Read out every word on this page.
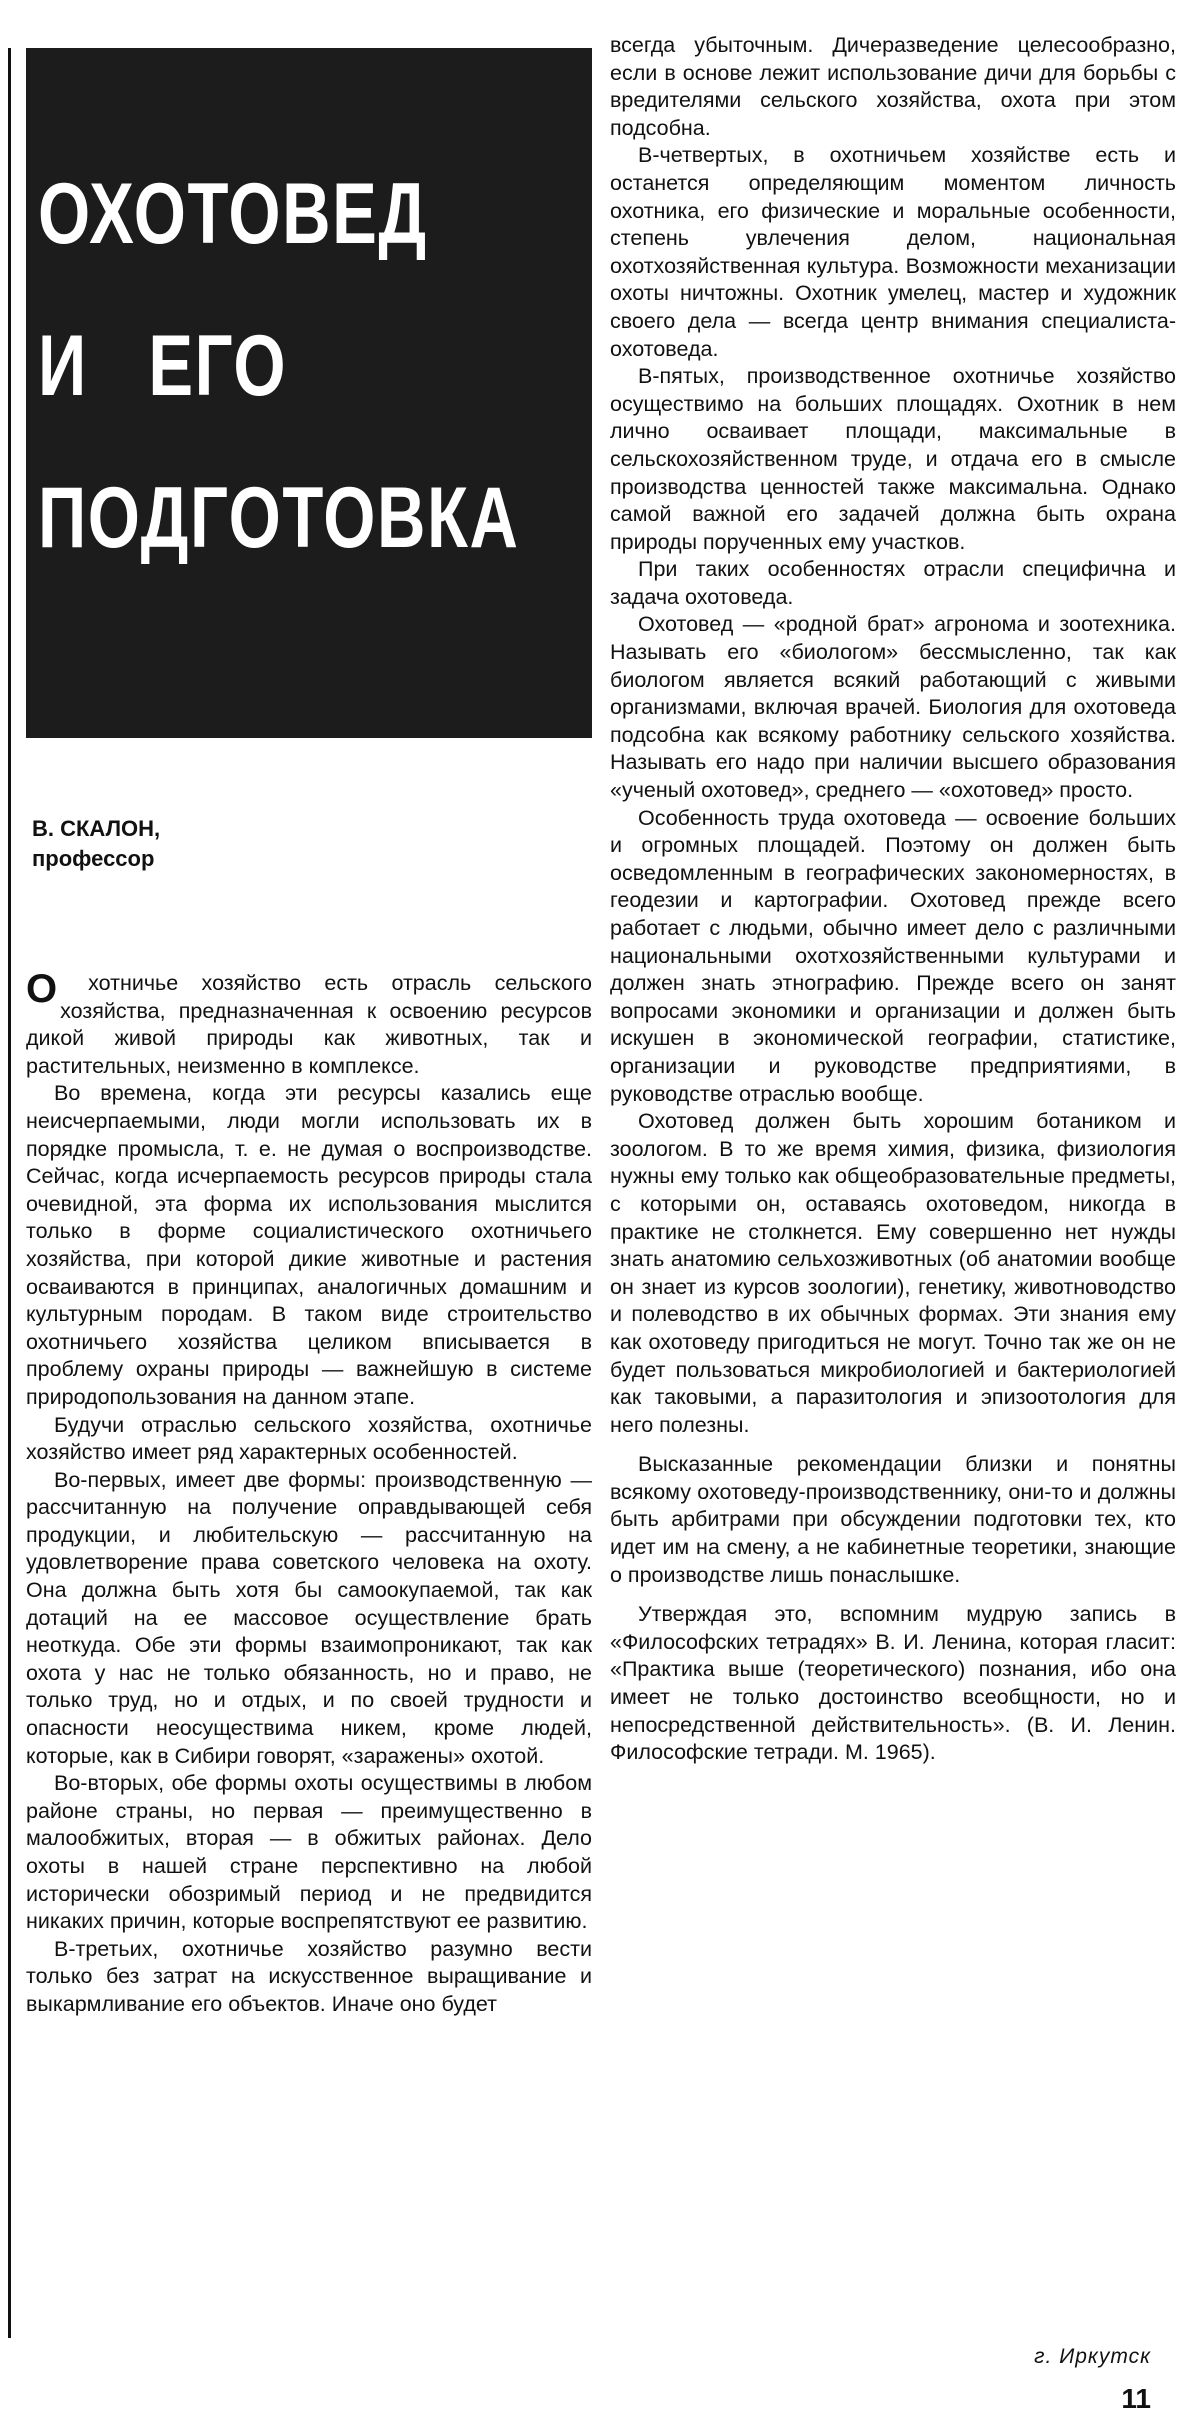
ОХОТОВЕД
И   ЕГО
ПОДГОТОВКА
В. СКАЛОН,
профессор

О хотничье хозяйство есть отрасль сельского хозяйства, предназначенная к освоению ресурсов дикой живой природы как животных, так и растительных, неизменно в комплексе.

Во времена, когда эти ресурсы казались еще неисчерпаемыми, люди могли использовать их в порядке промысла, т. е. не думая о воспроизводстве. Сейчас, когда исчерпаемость ресурсов природы стала очевидной, эта форма их использования мыслится только в форме социалистического охотничьего хозяйства, при которой дикие животные и растения осваиваются в принципах, аналогичных домашним и культурным породам. В таком виде строительство охотничьего хозяйства целиком вписывается в проблему охраны природы — важнейшую в системе природопользования на данном этапе.

Будучи отраслью сельского хозяйства, охотничье хозяйство имеет ряд характерных особенностей.

Во-первых, имеет две формы: производственную — рассчитанную на получение оправдывающей себя продукции, и любительскую — рассчитанную на удовлетворение права советского человека на охоту. Она должна быть хотя бы самоокупаемой, так как дотаций на ее массовое осуществление брать неоткуда. Обе эти формы взаимопроникают, так как охота у нас не только обязанность, но и право, не только труд, но и отдых, и по своей трудности и опасности неосуществима никем, кроме людей, которые, как в Сибири говорят, «заражены» охотой.

Во-вторых, обе формы охоты осуществимы в любом районе страны, но первая — преимущественно в малообжитых, вторая — в обжитых районах. Дело охоты в нашей стране перспективно на любой исторически обозримый период и не предвидится никаких причин, которые воспрепятствуют ее развитию.

В-третьих, охотничье хозяйство разумно вести только без затрат на искусственное выращивание и выкармливание его объектов. Иначе оно будет

всегда убыточным. Дичеразведение целесообразно, если в основе лежит использование дичи для борьбы с вредителями сельского хозяйства, охота при этом подсобна.

В-четвертых, в охотничьем хозяйстве есть и останется определяющим моментом личность охотника, его физические и моральные особенности, степень увлечения делом, национальная охотхозяйственная культура. Возможности механизации охоты ничтожны. Охотник умелец, мастер и художник своего дела — всегда центр внимания специалиста-охотоведа.

В-пятых, производственное охотничье хозяйство осуществимо на больших площадях. Охотник в нем лично осваивает площади, максимальные в сельскохозяйственном труде, и отдача его в смысле производства ценностей также максимальна. Однако самой важной его задачей должна быть охрана природы порученных ему участков.

При таких особенностях отрасли специфична и задача охотоведа.

Охотовед — «родной брат» агронома и зоотехника. Называть его «биологом» бессмысленно, так как биологом является всякий работающий с живыми организмами, включая врачей. Биология для охотоведа подсобна как всякому работнику сельского хозяйства. Называть его надо при наличии высшего образования «ученый охотовед», среднего — «охотовед» просто.

Особенность труда охотоведа — освоение больших и огромных площадей. Поэтому он должен быть осведомленным в географических закономерностях, в геодезии и картографии. Охотовед прежде всего работает с людьми, обычно имеет дело с различными национальными охотхозяйственными культурами и должен знать этнографию. Прежде всего он занят вопросами экономики и организации и должен быть искушен в экономической географии, статистике, организации и руководстве предприятиями, в руководстве отраслью вообще.

Охотовед должен быть хорошим ботаником и зоологом. В то же время химия, физика, физиология нужны ему только как общеобразовательные предметы, с которыми он, оставаясь охотоведом, никогда в практике не столкнется. Ему совершенно нет нужды знать анатомию сельхозживотных (об анатомии вообще он знает из курсов зоологии), генетику, животноводство и полеводство в их обычных формах. Эти знания ему как охотоведу пригодиться не могут. Точно так же он не будет пользоваться микробиологией и бактериологией как таковыми, а паразитология и эпизоотология для него полезны.

Высказанные рекомендации близки и понятны всякому охотоведу-производственнику, они-то и должны быть арбитрами при обсуждении подготовки тех, кто идет им на смену, а не кабинетные теоретики, знающие о производстве лишь понаслышке.

Утверждая это, вспомним мудрую запись в «Философских тетрадях» В. И. Ленина, которая гласит: «Практика выше (теоретического) познания, ибо она имеет не только достоинство всеобщности, но и непосредственной действительность». (В. И. Ленин. Философские тетради. М. 1965).

г. Иркутск
11
